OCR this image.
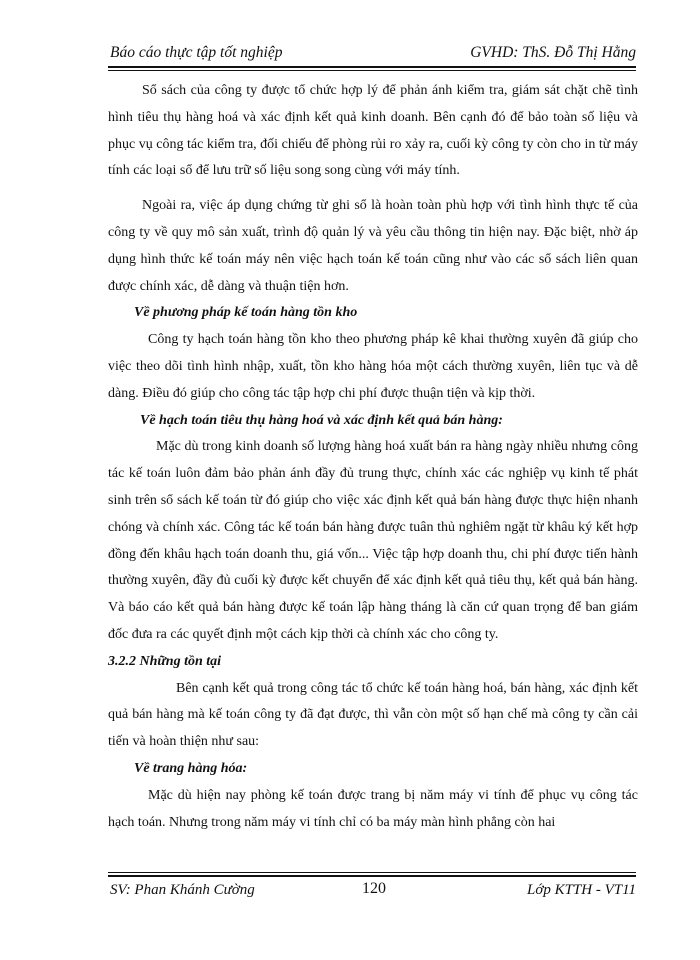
Báo cáo thực tập tốt nghiệp	GVHD: ThS. Đỗ Thị Hằng

Sổ sách của công ty được tổ chức hợp lý để phản ánh kiểm tra, giám sát chặt chẽ tình hình tiêu thụ hàng hoá và xác định kết quả kinh doanh. Bên cạnh đó để bảo toàn số liệu và phục vụ công tác kiểm tra, đối chiếu để phòng rủi ro xảy ra, cuối kỳ công ty còn cho in từ máy tính các loại sổ để lưu trữ số liệu song song cùng với máy tính.

Ngoài ra, việc áp dụng chứng từ ghi sổ là hoàn toàn phù hợp với tình hình thực tế của công ty về quy mô sản xuất, trình độ quản lý và yêu cầu thông tin hiện nay. Đặc biệt, nhờ áp dụng hình thức kế toán máy nên việc hạch toán kế toán cũng như vào các sổ sách liên quan được chính xác, dễ dàng và thuận tiện hơn.

Về phương pháp kế toán hàng tồn kho

Công ty hạch toán hàng tồn kho theo phương pháp kê khai thường xuyên đã giúp cho việc theo dõi tình hình nhập, xuất, tồn kho hàng hóa một cách thường xuyên, liên tục và dễ dàng. Điều đó giúp cho công tác tập hợp chi phí được thuận tiện và kịp thời.

Về hạch toán tiêu thụ hàng hoá và xác định kết quả bán hàng:

Mặc dù trong kinh doanh số lượng hàng hoá xuất bán ra hàng ngày nhiều nhưng công tác kế toán luôn đảm bảo phản ánh đầy đủ trung thực, chính xác các nghiệp vụ kinh tế phát sinh trên sổ sách kế toán từ đó giúp cho việc xác định kết quả bán hàng được thực hiện nhanh chóng và chính xác. Công tác kế toán bán hàng được tuân thủ nghiêm ngặt từ khâu ký kết hợp đồng đến khâu hạch toán doanh thu, giá vốn... Việc tập hợp doanh thu, chi phí được tiến hành thường xuyên, đầy đủ cuối kỳ được kết chuyển để xác định kết quả tiêu thụ, kết quả bán hàng. Và báo cáo kết quả bán hàng được kế toán lập hàng tháng là căn cứ quan trọng để ban giám đốc đưa ra các quyết định một cách kịp thời cà chính xác cho công ty.

3.2.2 Những tồn tại

Bên cạnh kết quả trong công tác tổ chức kế toán hàng hoá, bán hàng, xác định kết quả bán hàng mà kế toán công ty đã đạt được, thì vẫn còn một số hạn chế mà công ty cần cải tiến và hoàn thiện như sau:

Về trang hàng hóa:

Mặc dù hiện nay phòng kế toán được trang bị năm máy vi tính để phục vụ công tác hạch toán. Nhưng trong năm máy vi tính chỉ có ba máy màn hình phẳng còn hai

SV: Phan Khánh Cường	120	Lớp KTTH - VT11
